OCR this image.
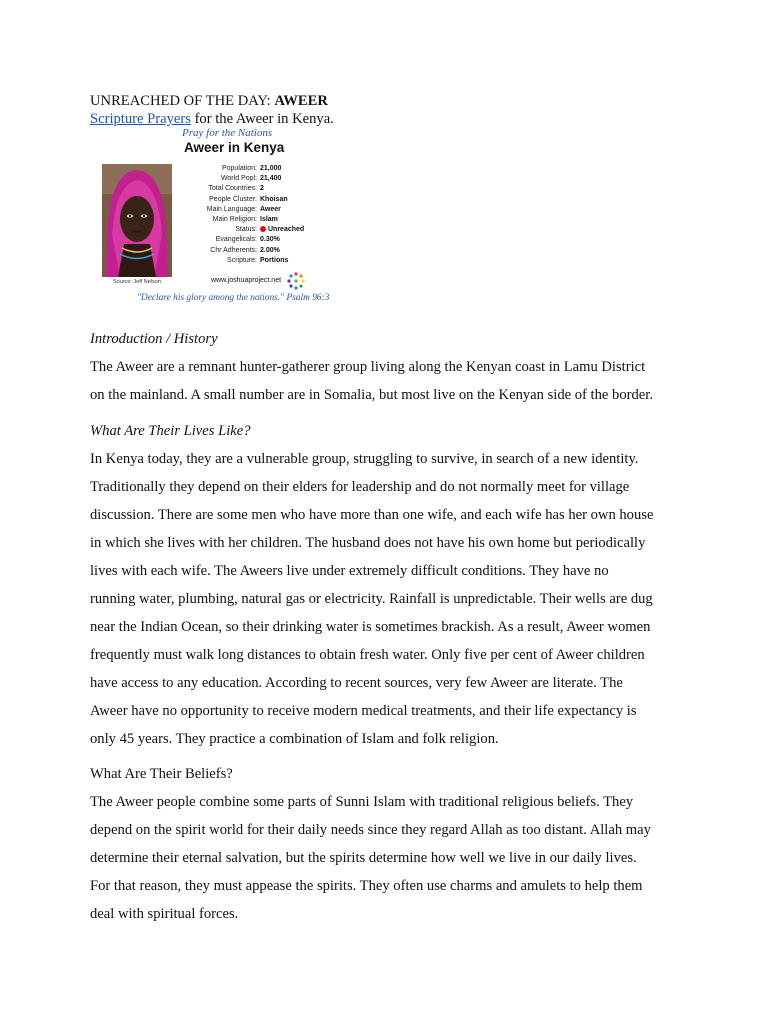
UNREACHED OF THE DAY: AWEER
Scripture Prayers for the Aweer in Kenya.
Pray for the Nations
Aweer in Kenya
Source: Jeff Nelson
Population: 21,000
World Popl: 21,400
Total Countries: 2
People Cluster: Khoisan
Main Language: Aweer
Main Religion: Islam
Status:	Unreached
Evangelicals: 0.30%
Chr Adherents: 2.00%
Scripture: Portions
www.joshuaproject.net
"Declare his glory among the nations." Psalm 96:3
Introduction / History
The Aweer are a remnant hunter-gatherer group living along the Kenyan coast in Lamu District
on the mainland. A small number are in Somalia, but most live on the Kenyan side of the border.
What Are Their Lives Like?
In Kenya today, they are a vulnerable group, struggling to survive, in search of a new identity.
Traditionally they depend on their elders for leadership and do not normally meet for village
discussion. There are some men who have more than one wife, and each wife has her own house
in which she lives with her children. The husband does not have his own home but periodically
lives with each wife. The Aweers live under extremely difficult conditions. They have no
running water, plumbing, natural gas or electricity. Rainfall is unpredictable. Their wells are dug
near the Indian Ocean, so their drinking water is sometimes brackish. As a result, Aweer women
frequently must walk long distances to obtain fresh water. Only five per cent of Aweer children
have access to any education. According to recent sources, very few Aweer are literate. The
Aweer have no opportunity to receive modern medical treatments, and their life expectancy is
only 45 years. They practice a combination of Islam and folk religion.
What Are Their Beliefs?
The Aweer people combine some parts of Sunni Islam with traditional religious beliefs. They
depend on the spirit world for their daily needs since they regard Allah as too distant. Allah may
determine their eternal salvation, but the spirits determine how well we live in our daily lives.
For that reason, they must appease the spirits. They often use charms and amulets to help them
deal with spiritual forces.
